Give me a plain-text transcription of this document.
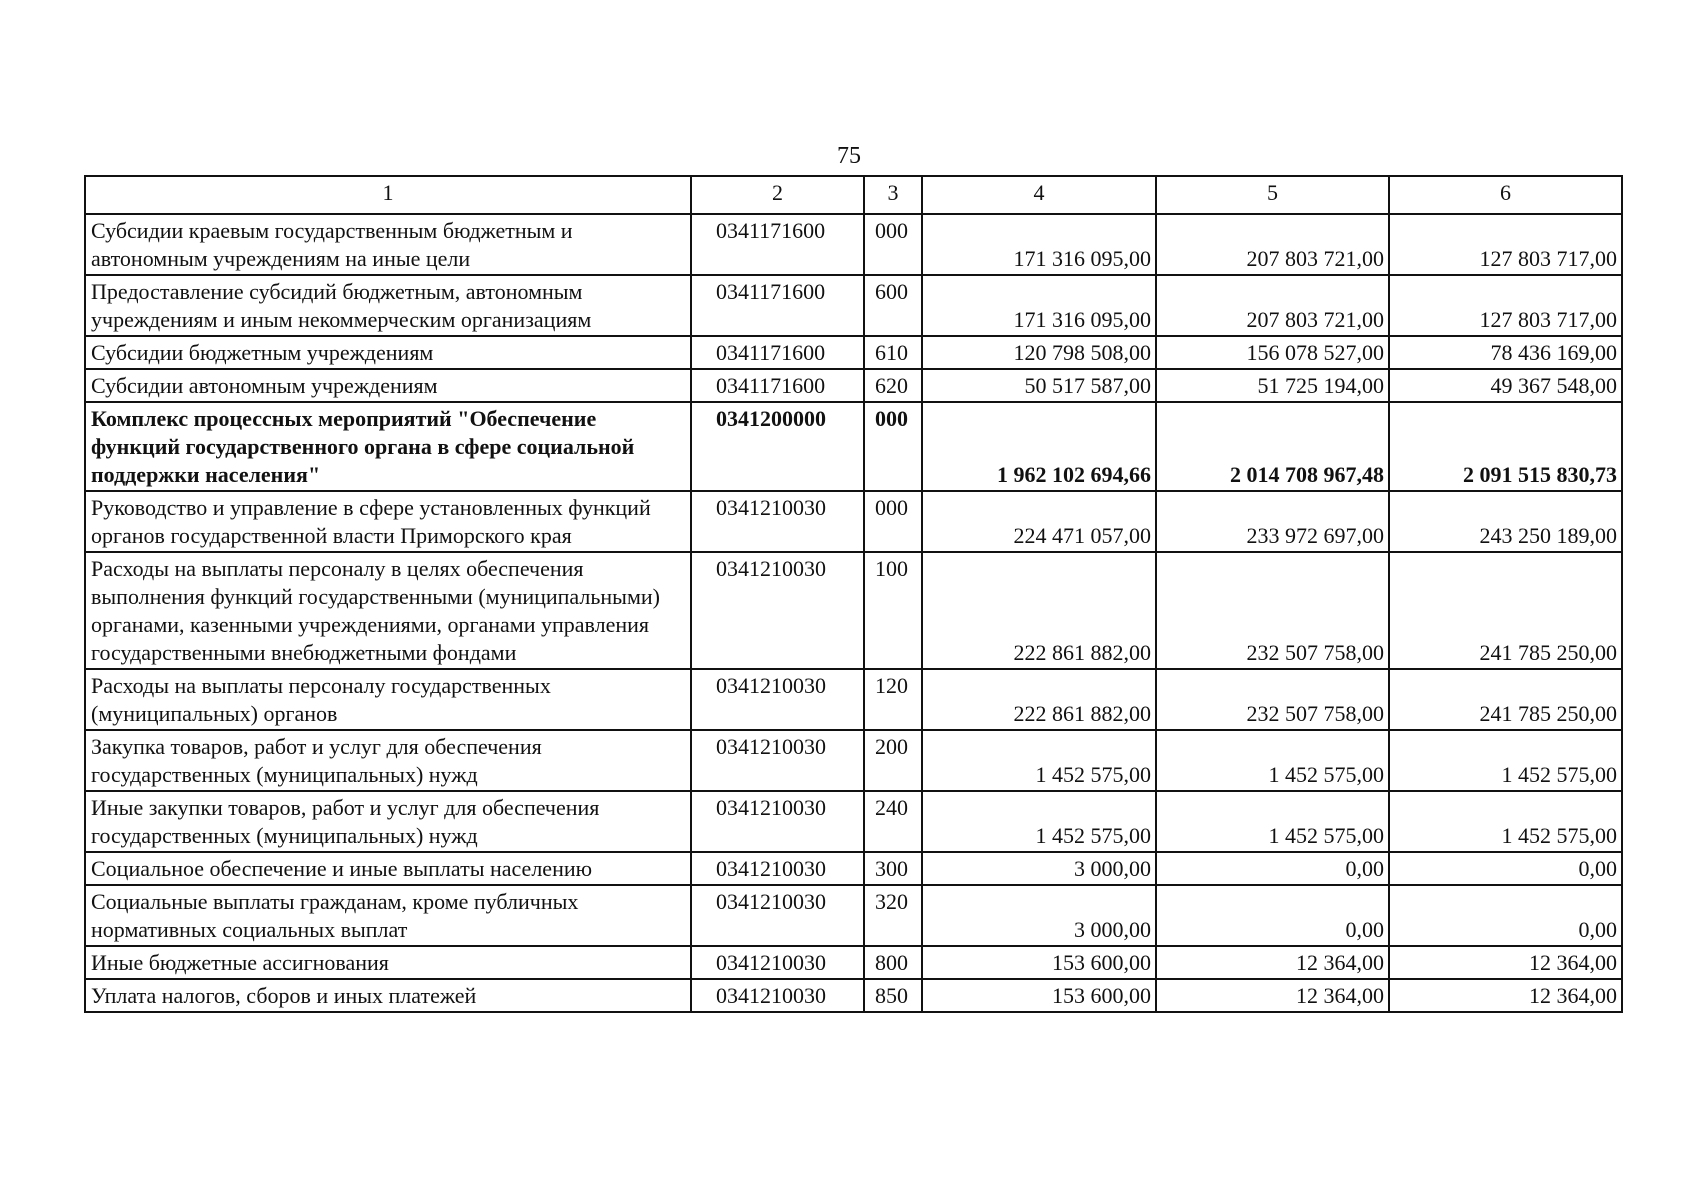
75
1	2	3	4	5	6
Субсидии краевым государственным бюджетным и автономным учреждениям на иные цели	0341171600	000	171 316 095,00	207 803 721,00	127 803 717,00
Предоставление субсидий бюджетным, автономным учреждениям и иным некоммерческим организациям	0341171600	600	171 316 095,00	207 803 721,00	127 803 717,00
Субсидии бюджетным учреждениям	0341171600	610	120 798 508,00	156 078 527,00	78 436 169,00
Субсидии автономным учреждениям	0341171600	620	50 517 587,00	51 725 194,00	49 367 548,00
Комплекс процессных мероприятий "Обеспечение функций государственного органа в сфере социальной поддержки населения"	0341200000	000	1 962 102 694,66	2 014 708 967,48	2 091 515 830,73
Руководство и управление в сфере установленных функций органов государственной власти Приморского края	0341210030	000	224 471 057,00	233 972 697,00	243 250 189,00
Расходы на выплаты персоналу в целях обеспечения выполнения функций государственными (муниципальными) органами, казенными учреждениями, органами управления государственными внебюджетными фондами	0341210030	100	222 861 882,00	232 507 758,00	241 785 250,00
Расходы на выплаты персоналу государственных (муниципальных) органов	0341210030	120	222 861 882,00	232 507 758,00	241 785 250,00
Закупка товаров, работ и услуг для обеспечения государственных (муниципальных) нужд	0341210030	200	1 452 575,00	1 452 575,00	1 452 575,00
Иные закупки товаров, работ и услуг для обеспечения государственных (муниципальных) нужд	0341210030	240	1 452 575,00	1 452 575,00	1 452 575,00
Социальное обеспечение и иные выплаты населению	0341210030	300	3 000,00	0,00	0,00
Социальные выплаты гражданам, кроме публичных нормативных социальных выплат	0341210030	320	3 000,00	0,00	0,00
Иные бюджетные ассигнования	0341210030	800	153 600,00	12 364,00	12 364,00
Уплата налогов, сборов и иных платежей	0341210030	850	153 600,00	12 364,00	12 364,00
